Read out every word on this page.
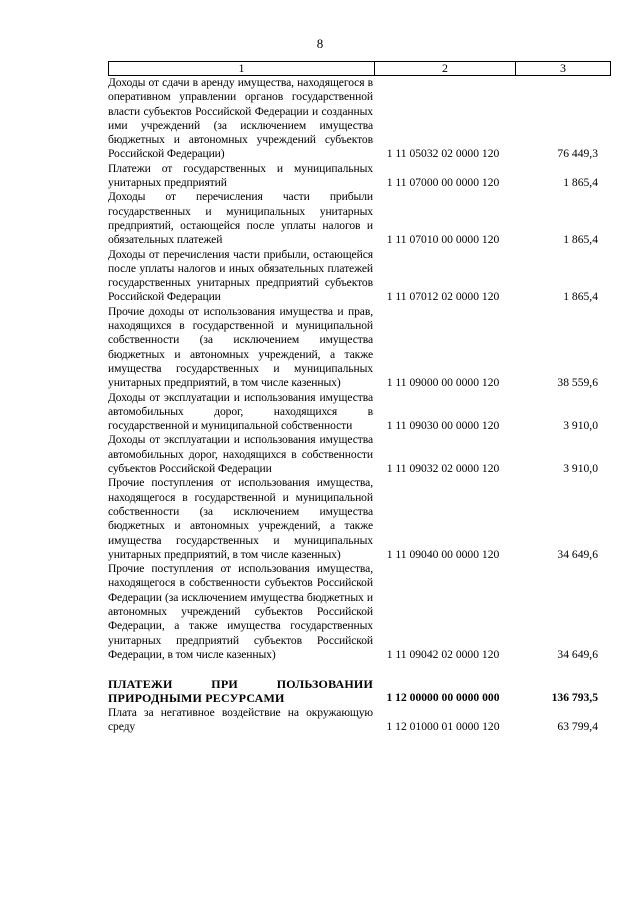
8
1	2	3
Доходы от сдачи в аренду имущества, находящегося в оперативном управлении органов государственной власти субъектов Российской Федерации и созданных ими учреждений (за исключением имущества бюджетных и автономных учреждений субъектов Российской Федерации)	1 11 05032 02 0000 120	76 449,3
Платежи от государственных и муниципальных унитарных предприятий	1 11 07000 00 0000 120	1 865,4
Доходы от перечисления части прибыли государственных и муниципальных унитарных предприятий, остающейся после уплаты налогов и обязательных платежей	1 11 07010 00 0000 120	1 865,4
Доходы от перечисления части прибыли, остающейся после уплаты налогов и иных обязательных платежей государственных унитарных предприятий субъектов Российской Федерации	1 11 07012 02 0000 120	1 865,4
Прочие доходы от использования имущества и прав, находящихся в государственной и муниципальной собственности (за исключением имущества бюджетных и автономных учреждений, а также имущества государственных и муниципальных унитарных предприятий, в том числе казенных)	1 11 09000 00 0000 120	38 559,6
Доходы от эксплуатации и использования имущества автомобильных дорог, находящихся в государственной и муниципальной собственности	1 11 09030 00 0000 120	3 910,0
Доходы от эксплуатации и использования имущества автомобильных дорог, находящихся в собственности субъектов Российской Федерации	1 11 09032 02 0000 120	3 910,0
Прочие поступления от использования имущества, находящегося в государственной и муниципальной собственности (за исключением имущества бюджетных и автономных учреждений, а также имущества государственных и муниципальных унитарных предприятий, в том числе казенных)	1 11 09040 00 0000 120	34 649,6
Прочие поступления от использования имущества, находящегося в собственности субъектов Российской Федерации (за исключением имущества бюджетных и автономных учреждений субъектов Российской Федерации, а также имущества государственных унитарных предприятий субъектов Российской Федерации, в том числе казенных)	1 11 09042 02 0000 120	34 649,6
ПЛАТЕЖИ ПРИ ПОЛЬЗОВАНИИ ПРИРОДНЫМИ РЕСУРСАМИ	1 12 00000 00 0000 000	136 793,5
Плата за негативное воздействие на окружающую среду	1 12 01000 01 0000 120	63 799,4
